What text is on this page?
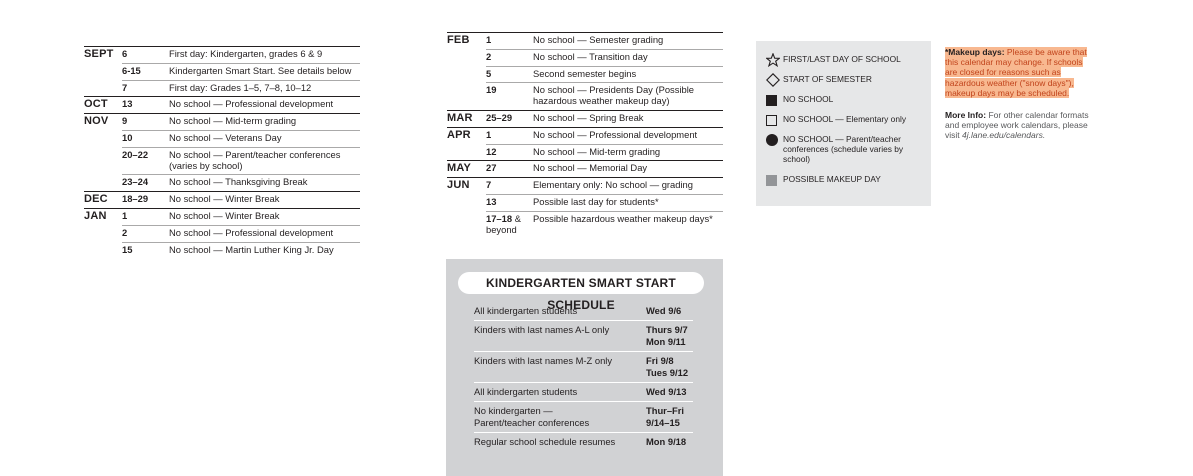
SEPT	6	First day: Kindergarten, grades 6 & 9
	6-15	Kindergarten Smart Start. See details below
	7	First day: Grades 1–5, 7–8, 10–12
OCT	13	No school — Professional development
NOV	9	No school — Mid-term grading
	10	No school — Veterans Day
	20–22	No school — Parent/teacher conferences (varies by school)
	23–24	No school — Thanksgiving Break
DEC	18–29	No school — Winter Break
JAN	1	No school — Winter Break
	2	No school — Professional development
	15	No school — Martin Luther King Jr. Day
FEB	1	No school — Semester grading
	2	No school — Transition day
	5	Second semester begins
	19	No school — Presidents Day (Possible hazardous weather makeup day)
MAR	25–29	No school — Spring Break
APR	1	No school — Professional development
	12	No school — Mid-term grading
MAY	27	No school — Memorial Day
JUN	7	Elementary only: No school — grading
	13	Possible last day for students*
	17–18 & beyond	Possible hazardous weather makeup days*
KINDERGARTEN SMART START SCHEDULE
All kindergarten students	Wed 9/6
Kinders with last names A-L only	Thurs 9/7
Mon 9/11
Kinders with last names M-Z only	Fri 9/8
Tues 9/12
All kindergarten students	Wed 9/13
No kindergarten —
Parent/teacher conferences	Thur–Fri
9/14–15
Regular school schedule resumes	Mon 9/18
FIRST/LAST DAY OF SCHOOL
START OF SEMESTER
NO SCHOOL
NO SCHOOL — Elementary only
NO SCHOOL — Parent/teacher conferences (schedule varies by school)
POSSIBLE MAKEUP DAY
*Makeup days: Please be aware that this calendar may change. If schools are closed for reasons such as hazardous weather ("snow days"), makeup days may be scheduled.
More Info: For other calendar formats and employee work calendars, please visit 4j.lane.edu/calendars.
